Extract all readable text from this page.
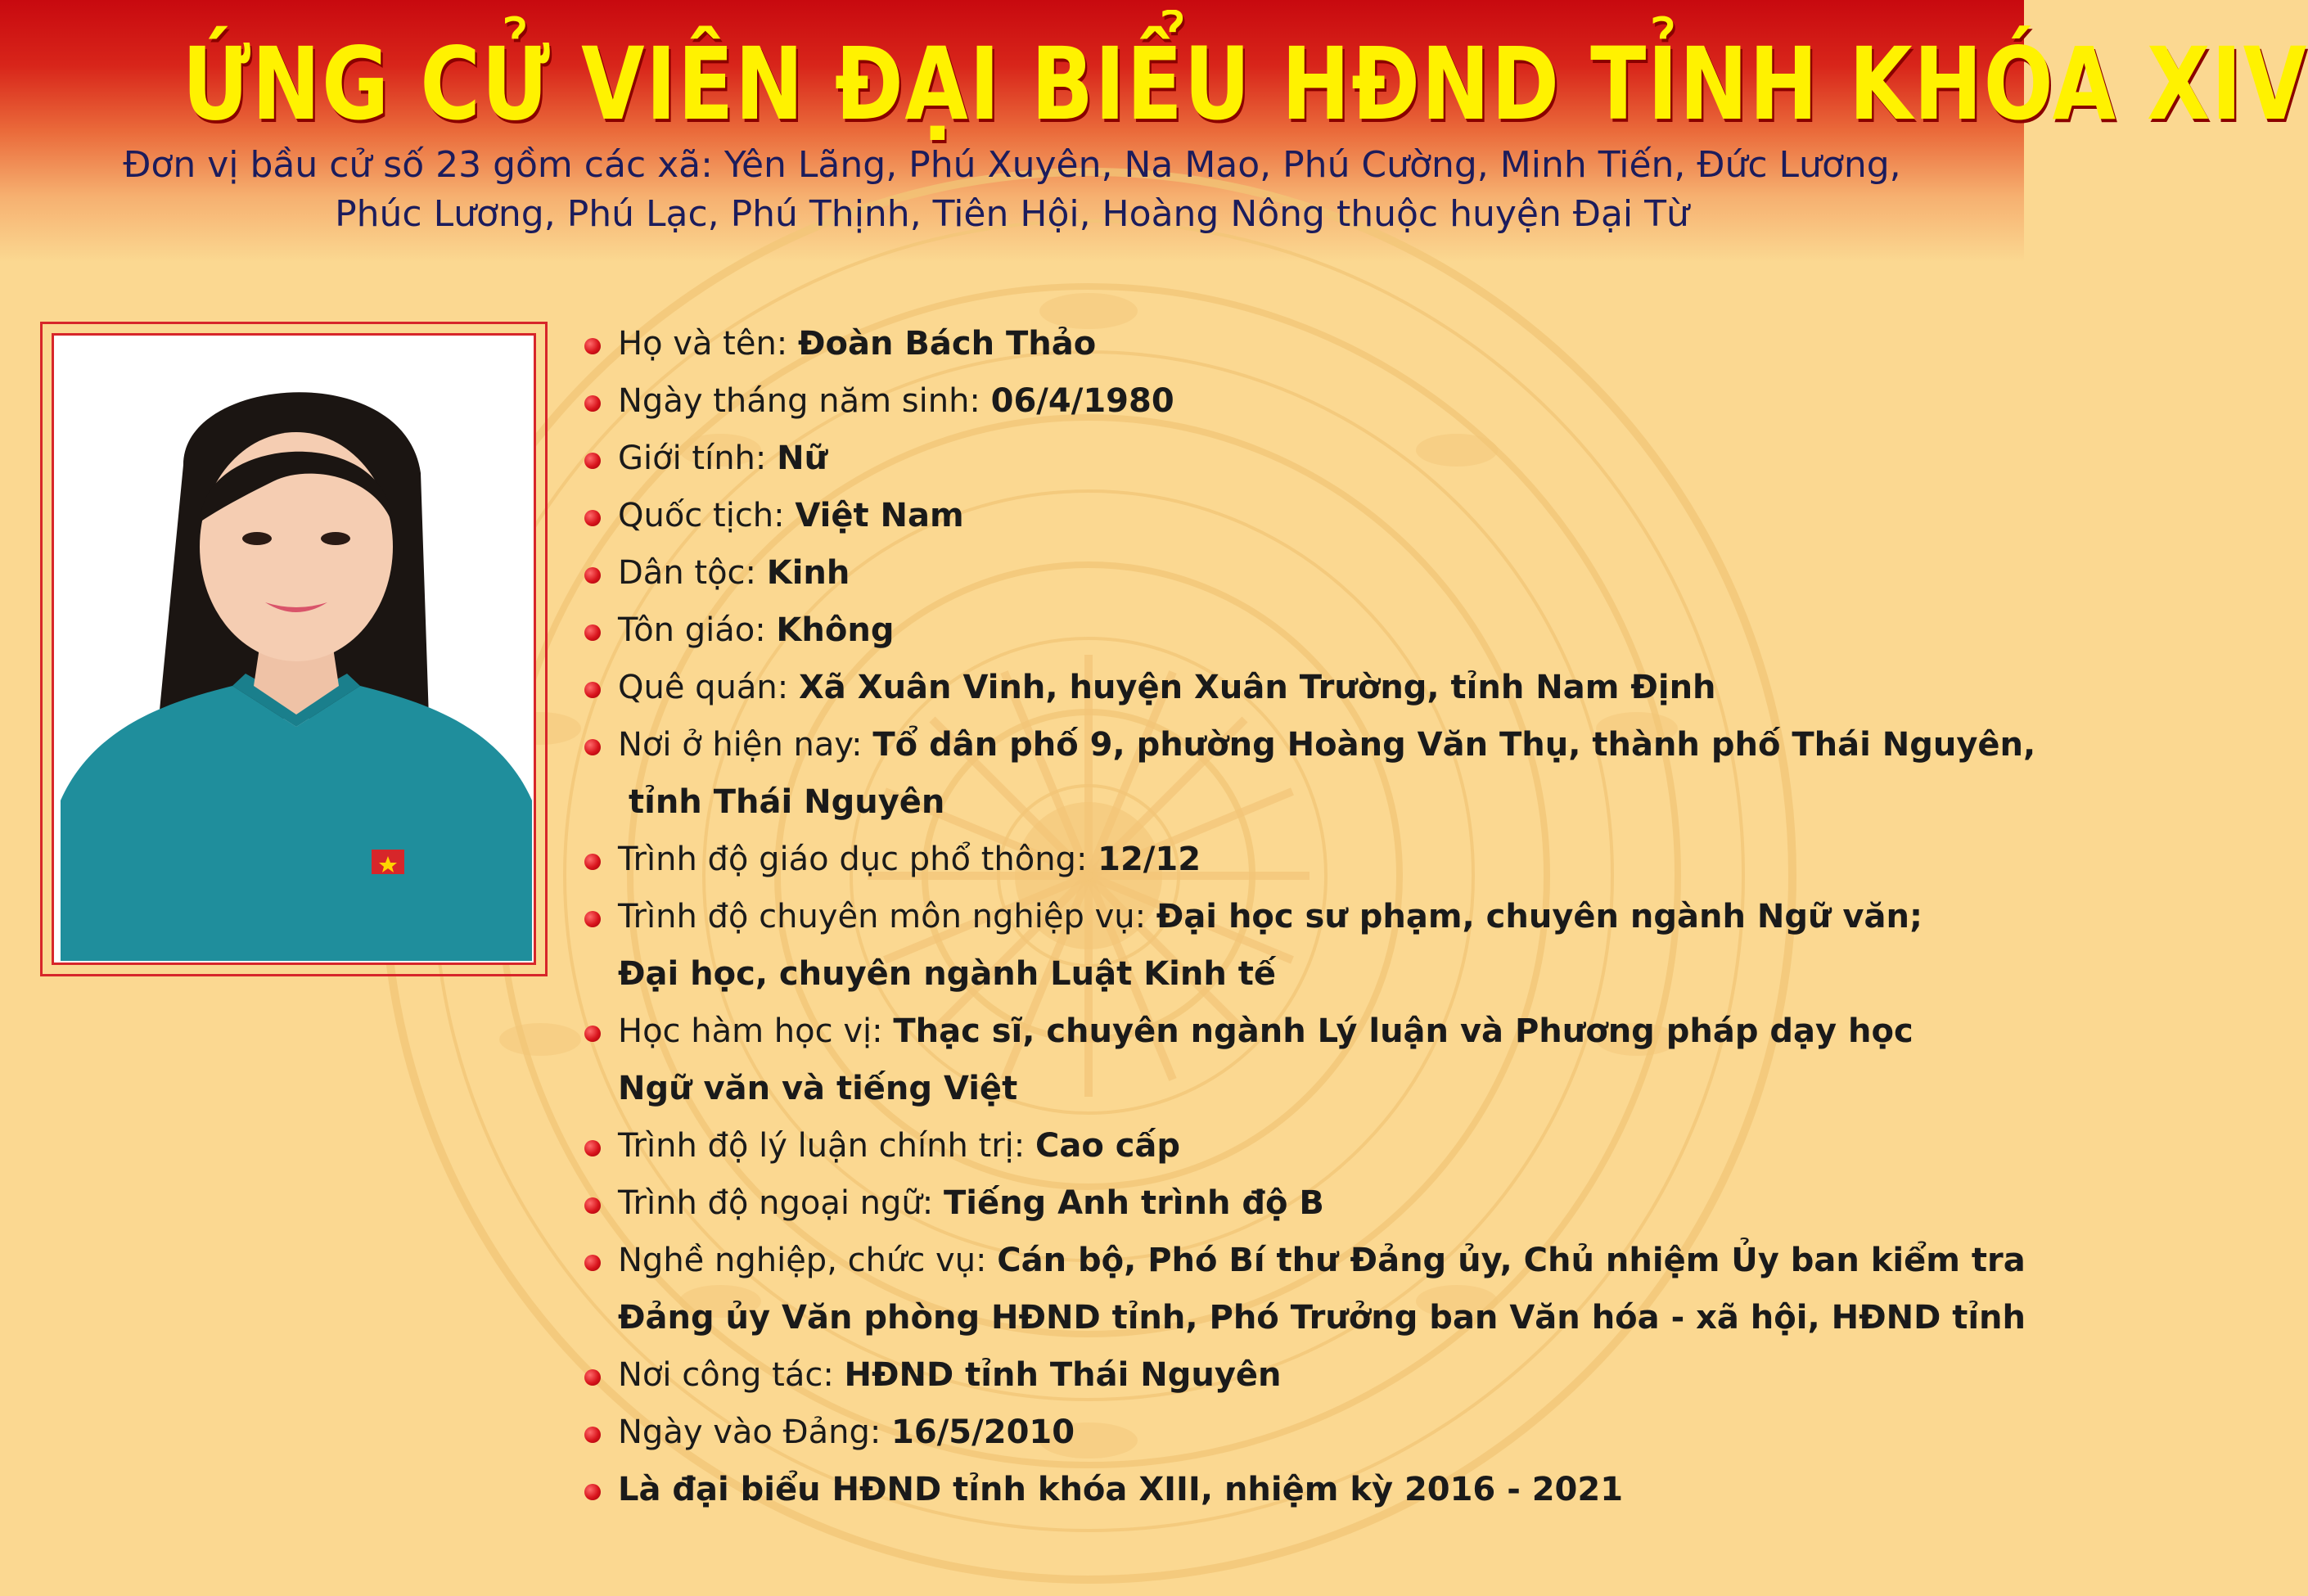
ỨNG CỬ VIÊN ĐẠI BIỂU HĐND TỈNH KHÓA XIV
Đơn vị bầu cử số 23 gồm các xã: Yên Lãng, Phú Xuyên, Na Mao, Phú Cường, Minh Tiến, Đức Lương,
Phúc Lương, Phú Lạc, Phú Thịnh, Tiên Hội, Hoàng Nông thuộc huyện Đại Từ
Họ và tên: Đoàn Bách Thảo
Ngày tháng năm sinh: 06/4/1980
Giới tính: Nữ
Quốc tịch: Việt Nam
Dân tộc: Kinh
Tôn giáo: Không
Quê quán: Xã Xuân Vinh, huyện Xuân Trường, tỉnh Nam Định
Nơi ở hiện nay: Tổ dân phố 9, phường Hoàng Văn Thụ, thành phố Thái Nguyên,
tỉnh Thái Nguyên
Trình độ giáo dục phổ thông: 12/12
Trình độ chuyên môn nghiệp vụ: Đại học sư phạm, chuyên ngành Ngữ văn;
Đại học, chuyên ngành Luật Kinh tế
Học hàm học vị: Thạc sĩ, chuyên ngành Lý luận và Phương pháp dạy học
Ngữ văn và tiếng Việt
Trình độ lý luận chính trị: Cao cấp
Trình độ ngoại ngữ: Tiếng Anh trình độ B
Nghề nghiệp, chức vụ: Cán bộ, Phó Bí thư Đảng ủy, Chủ nhiệm Ủy ban kiểm tra
Đảng ủy Văn phòng HĐND tỉnh, Phó Trưởng ban Văn hóa - xã hội, HĐND tỉnh
Nơi công tác: HĐND tỉnh Thái Nguyên
Ngày vào Đảng: 16/5/2010
Là đại biểu HĐND tỉnh khóa XIII, nhiệm kỳ 2016 - 2021
